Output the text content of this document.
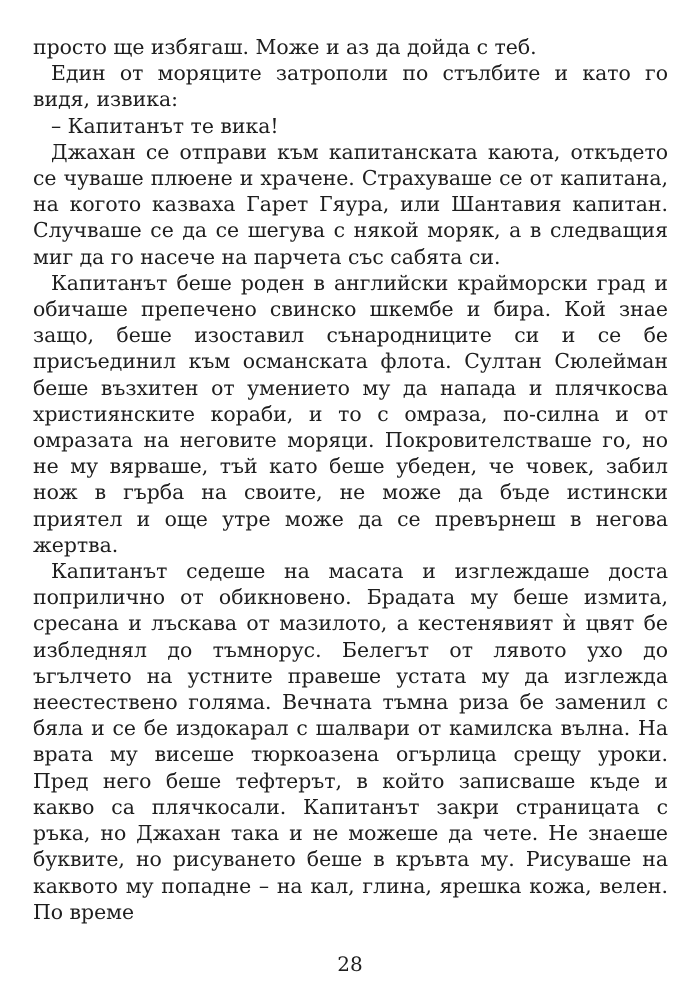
просто ще избягаш. Може и аз да дойда с теб.

Един от моряците затрополи по стълбите и като го видя, извика:

– Капитанът те вика!

Джахан се отправи към капитанската каюта, откъдето се чуваше плюене и храчене. Страхуваше се от капитана, на когото казваха Гарет Гяура, или Шантавия капитан. Случваше се да се шегува с някой моряк, а в следващия миг да го насече на парчета със сабята си.

Капитанът беше роден в английски крайморски град и обичаше препечено свинско шкембе и бира. Кой знае защо, беше изоставил сънародниците си и се бе присъединил към османската флота. Султан Сюлейман беше възхитен от умението му да напада и плячкосва християнските кораби, и то с омраза, по-силна и от омразата на неговите моряци. Покровителстваше го, но не му вярваше, тъй като беше убеден, че човек, забил нож в гърба на своите, не може да бъде истински приятел и още утре може да се превърнеш в негова жертва.

Капитанът седеше на масата и изглеждаше доста поприлично от обикновено. Брадата му беше измита, сресана и лъскава от мазилото, а кестенявият ѝ цвят бе избледнял до тъмнорус. Белегът от лявото ухо до ъгълчето на устните правеше устата му да изглежда неестествено голяма. Вечната тъмна риза бе заменил с бяла и се бе издокарал с шалвари от камилска вълна. На врата му висеше тюркоазена огърлица срещу уроки. Пред него беше тефтерът, в който записваше къде и какво са плячкосали. Капитанът закри страницата с ръка, но Джахан така и не можеше да чете. Не знаеше буквите, но рисуването беше в кръвта му. Рисуваше на каквото му попадне – на кал, глина, ярешка кожа, велен. По време

28
